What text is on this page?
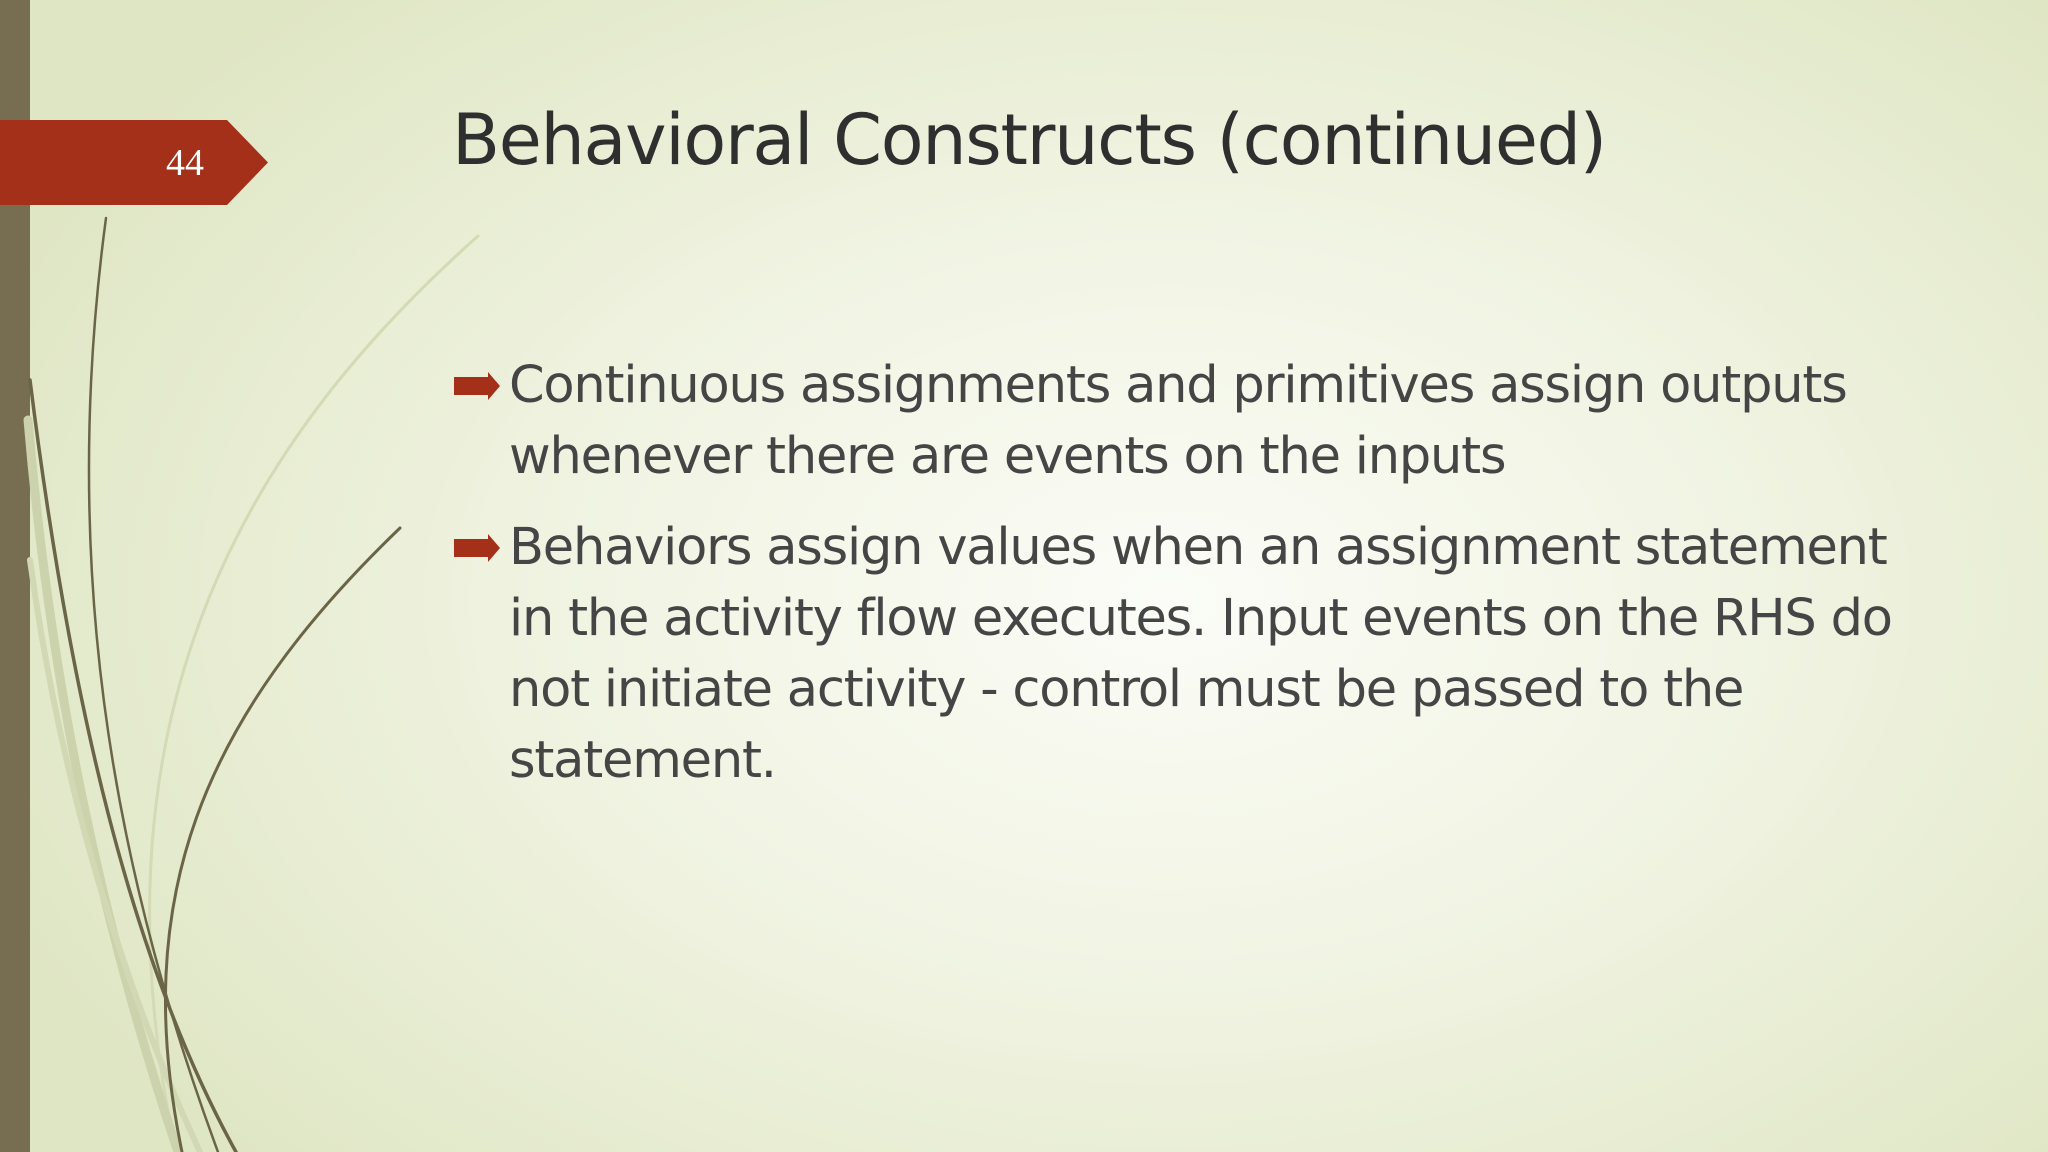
44	Behavioral Constructs (continued)
Continuous assignments and primitives assign outputs whenever there are events on the inputs
Behaviors assign values when an assignment statement in the activity flow executes. Input events on the RHS do not initiate activity - control must be passed to the statement.
